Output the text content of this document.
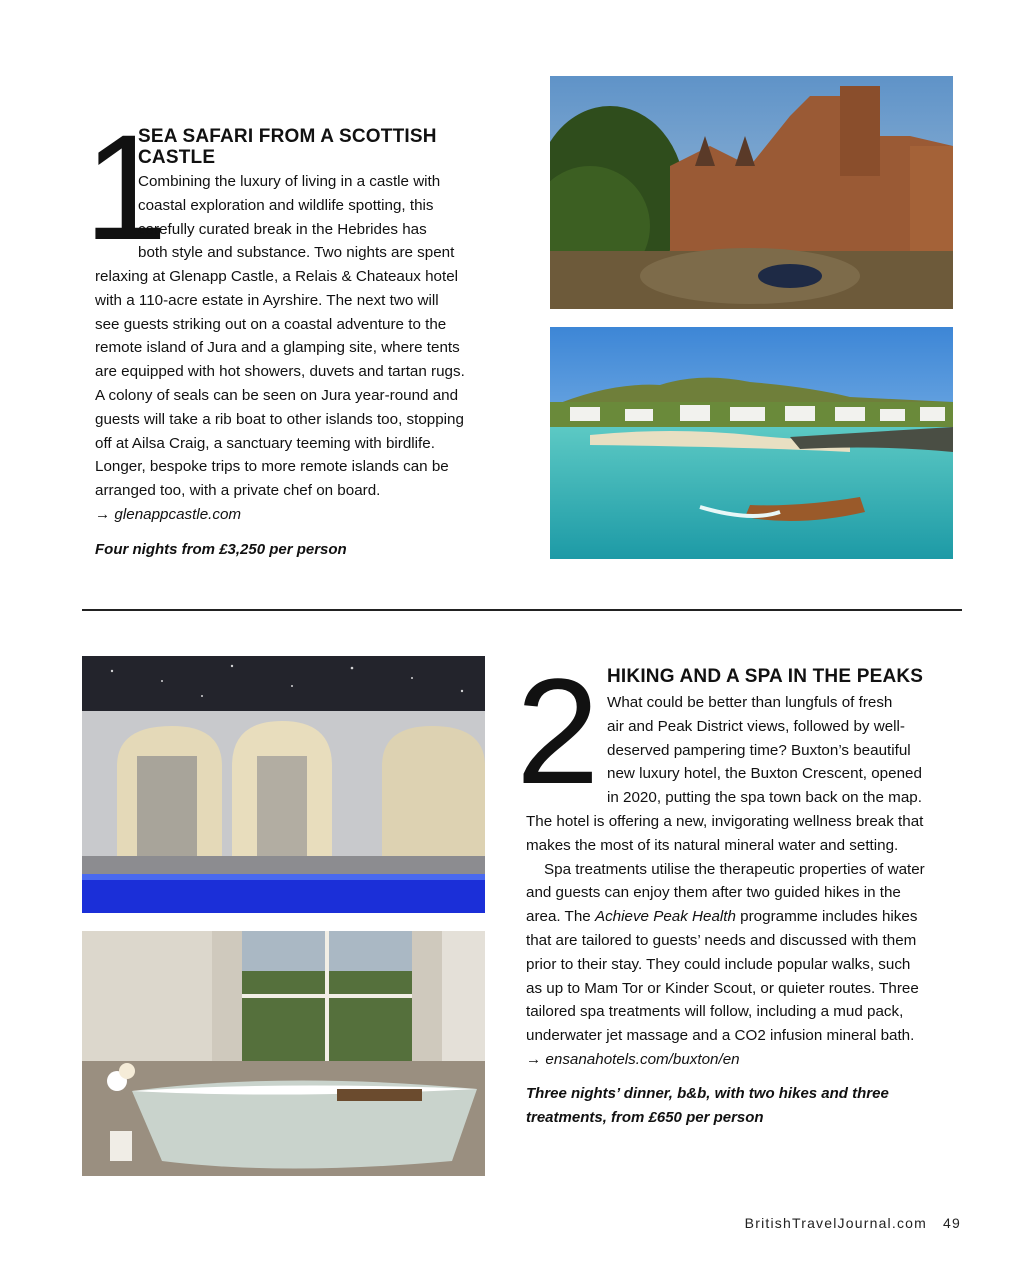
1
SEA SAFARI FROM A SCOTTISH
CASTLE
Combining the luxury of living in a castle with
coastal exploration and wildlife spotting, this
carefully curated break in the Hebrides has
both style and substance. Two nights are spent
relaxing at Glenapp Castle, a Relais & Chateaux hotel
with a 110-acre estate in Ayrshire. The next two will
see guests striking out on a coastal adventure to the
remote island of Jura and a glamping site, where tents
are equipped with hot showers, duvets and tartan rugs.
A colony of seals can be seen on Jura year-round and
guests will take a rib boat to other islands too, stopping
off at Ailsa Craig, a sanctuary teeming with birdlife.
Longer, bespoke trips to more remote islands can be
arranged too, with a private chef on board.
→ glenappcastle.com
Four nights from £3,250 per person
2 HIKING AND A SPA IN THE PEAKS
What could be better than lungfuls of fresh
air and Peak District views, followed by well-
deserved pampering time? Buxton’s beautiful
new luxury hotel, the Buxton Crescent, opened
in 2020, putting the spa town back on the map.
The hotel is offering a new, invigorating wellness break that
makes the most of its natural mineral water and setting.
Spa treatments utilise the therapeutic properties of water
and guests can enjoy them after two guided hikes in the
area. The Achieve Peak Health programme includes hikes
that are tailored to guests’ needs and discussed with them
prior to their stay. They could include popular walks, such
as up to Mam Tor or Kinder Scout, or quieter routes. Three
tailored spa treatments will follow, including a mud pack,
underwater jet massage and a CO2 infusion mineral bath.
→ ensanahotels.com/buxton/en
Three nights’ dinner, b&b, with two hikes and three
treatments, from £650 per person
BritishTravelJournal.com 49
